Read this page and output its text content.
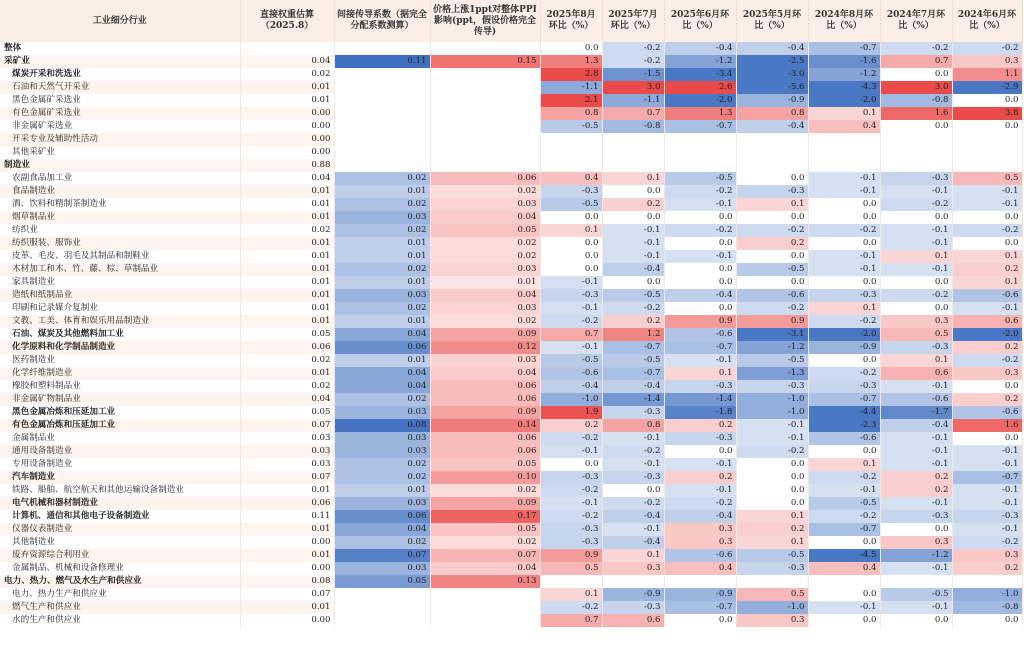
工业细分行业	直接权重估算（2025.8）	间接传导系数（据完全分配系数测算）	价格上涨1ppt对整体PPI影响(ppt，假设价格完全传导)	2025年8月环比（%）	2025年7月环比（%）	2025年6月环比（%）	2025年5月环比（%）	2024年8月环比（%）	2024年7月环比（%）	2024年6月环比（%）
整体				0.0	-0.2	-0.4	-0.4	-0.7	-0.2	-0.2
采矿业	0.04	0.11	0.15	1.3	-0.2	-1.2	-2.5	-1.6	0.7	0.3
煤炭开采和洗选业	0.02			2.8	-1.5	-3.4	-3.0	-1.2	0.0	1.1
石油和天然气开采业	0.01			-1.1	3.0	2.6	-5.6	-4.3	3.0	-2.9
黑色金属矿采选业	0.01			2.1	-1.1	-2.0	-0.9	-2.0	-0.8	0.0
有色金属矿采选业	0.00			0.8	0.7	1.3	0.8	0.1	1.6	3.8
非金属矿采选业	0.00			-0.5	-0.8	-0.7	-0.4	0.4	0.0	0.0
开采专业及辅助性活动	0.00									
其他采矿业	0.00									
制造业	0.88									
农副食品加工业	0.04	0.02	0.06	0.4	0.1	-0.5	0.0	-0.1	-0.3	0.5
食品制造业	0.01	0.01	0.02	-0.3	0.0	-0.2	-0.3	-0.1	-0.1	-0.1
酒、饮料和精制茶制造业	0.01	0.02	0.03	-0.5	0.2	-0.1	0.1	0.0	-0.2	-0.1
烟草制品业	0.01	0.03	0.04	0.0	0.0	0.0	0.0	0.0	0.0	0.0
纺织业	0.02	0.02	0.05	0.1	-0.1	-0.2	-0.2	-0.2	-0.1	-0.2
纺织服装、服饰业	0.01	0.01	0.02	0.0	-0.1	0.0	0.2	0.0	-0.1	0.0
皮革、毛皮、羽毛及其制品和制鞋业	0.01	0.01	0.02	0.0	-0.1	-0.1	0.0	-0.1	0.1	0.1
木材加工和木、竹、藤、棕、草制品业	0.01	0.02	0.03	0.0	-0.4	0.0	-0.5	-0.1	-0.1	0.2
家具制造业	0.01	0.01	0.01	-0.1	0.0	0.0	0.0	0.0	0.0	0.1
造纸和纸制品业	0.01	0.03	0.04	-0.3	-0.5	-0.4	-0.6	-0.3	-0.2	-0.6
印刷和记录媒介复制业	0.01	0.02	0.03	-0.1	-0.2	0.0	-0.2	0.1	0.0	-0.1
文教、工美、体育和娱乐用品制造业	0.01	0.01	0.02	-0.2	0.2	0.9	0.9	-0.2	0.3	0.6
石油、煤炭及其他燃料加工业	0.05	0.04	0.09	0.7	1.2	-0.6	-3.1	-2.0	0.5	-2.0
化学原料和化学制品制造业	0.06	0.06	0.12	-0.1	-0.7	-0.7	-1.2	-0.9	-0.3	0.2
医药制造业	0.02	0.01	0.03	-0.5	-0.5	-0.1	-0.5	0.0	0.1	-0.2
化学纤维制造业	0.01	0.04	0.04	-0.6	-0.7	0.1	-1.3	-0.2	0.6	0.3
橡胶和塑料制品业	0.02	0.04	0.06	-0.4	-0.4	-0.3	-0.3	-0.3	-0.1	0.0
非金属矿物制品业	0.04	0.02	0.06	-1.0	-1.4	-1.4	-1.0	-0.7	-0.6	0.2
黑色金属冶炼和压延加工业	0.05	0.03	0.09	1.9	-0.3	-1.8	-1.0	-4.4	-1.7	-0.6
有色金属冶炼和压延加工业	0.07	0.08	0.14	0.2	0.8	0.2	-0.1	-2.3	-0.4	1.6
金属制品业	0.03	0.03	0.06	-0.2	-0.1	-0.3	-0.1	-0.6	-0.1	0.0
通用设备制造业	0.03	0.03	0.06	-0.1	-0.2	0.0	-0.2	0.0	-0.1	-0.1
专用设备制造业	0.03	0.02	0.05	0.0	-0.1	-0.1	0.0	0.1	-0.1	-0.1
汽车制造业	0.07	0.02	0.10	-0.3	-0.3	0.2	0.0	-0.2	0.2	-0.7
铁路、船舶、航空航天和其他运输设备制造业	0.01	0.01	0.02	-0.2	0.0	-0.1	0.0	-0.1	0.2	-0.1
电气机械和器材制造业	0.06	0.03	0.09	-0.1	-0.2	-0.2	0.0	-0.5	-0.1	-0.1
计算机、通信和其他电子设备制造业	0.11	0.06	0.17	-0.2	-0.4	-0.4	0.1	-0.2	-0.3	-0.3
仪器仪表制造业	0.01	0.04	0.05	-0.3	-0.1	0.3	0.2	-0.7	0.0	-0.1
其他制造业	0.00	0.02	0.02	-0.3	-0.4	0.3	0.1	0.0	0.3	-0.2
废弃资源综合利用业	0.01	0.07	0.07	0.9	0.1	-0.6	-0.5	-4.5	-1.2	0.3
金属制品、机械和设备修理业	0.00	0.03	0.04	0.5	0.3	0.4	-0.3	0.4	-0.1	0.2
电力、热力、燃气及水生产和供应业	0.08	0.05	0.13							
电力、热力生产和供应业	0.07			0.1	-0.9	-0.9	0.5	0.0	-0.5	-1.0
燃气生产和供应业	0.01			-0.2	-0.3	-0.7	-1.0	-0.1	-0.1	-0.8
水的生产和供应业	0.00			0.7	0.6	0.0	0.3	0.0	0.0	0.0
